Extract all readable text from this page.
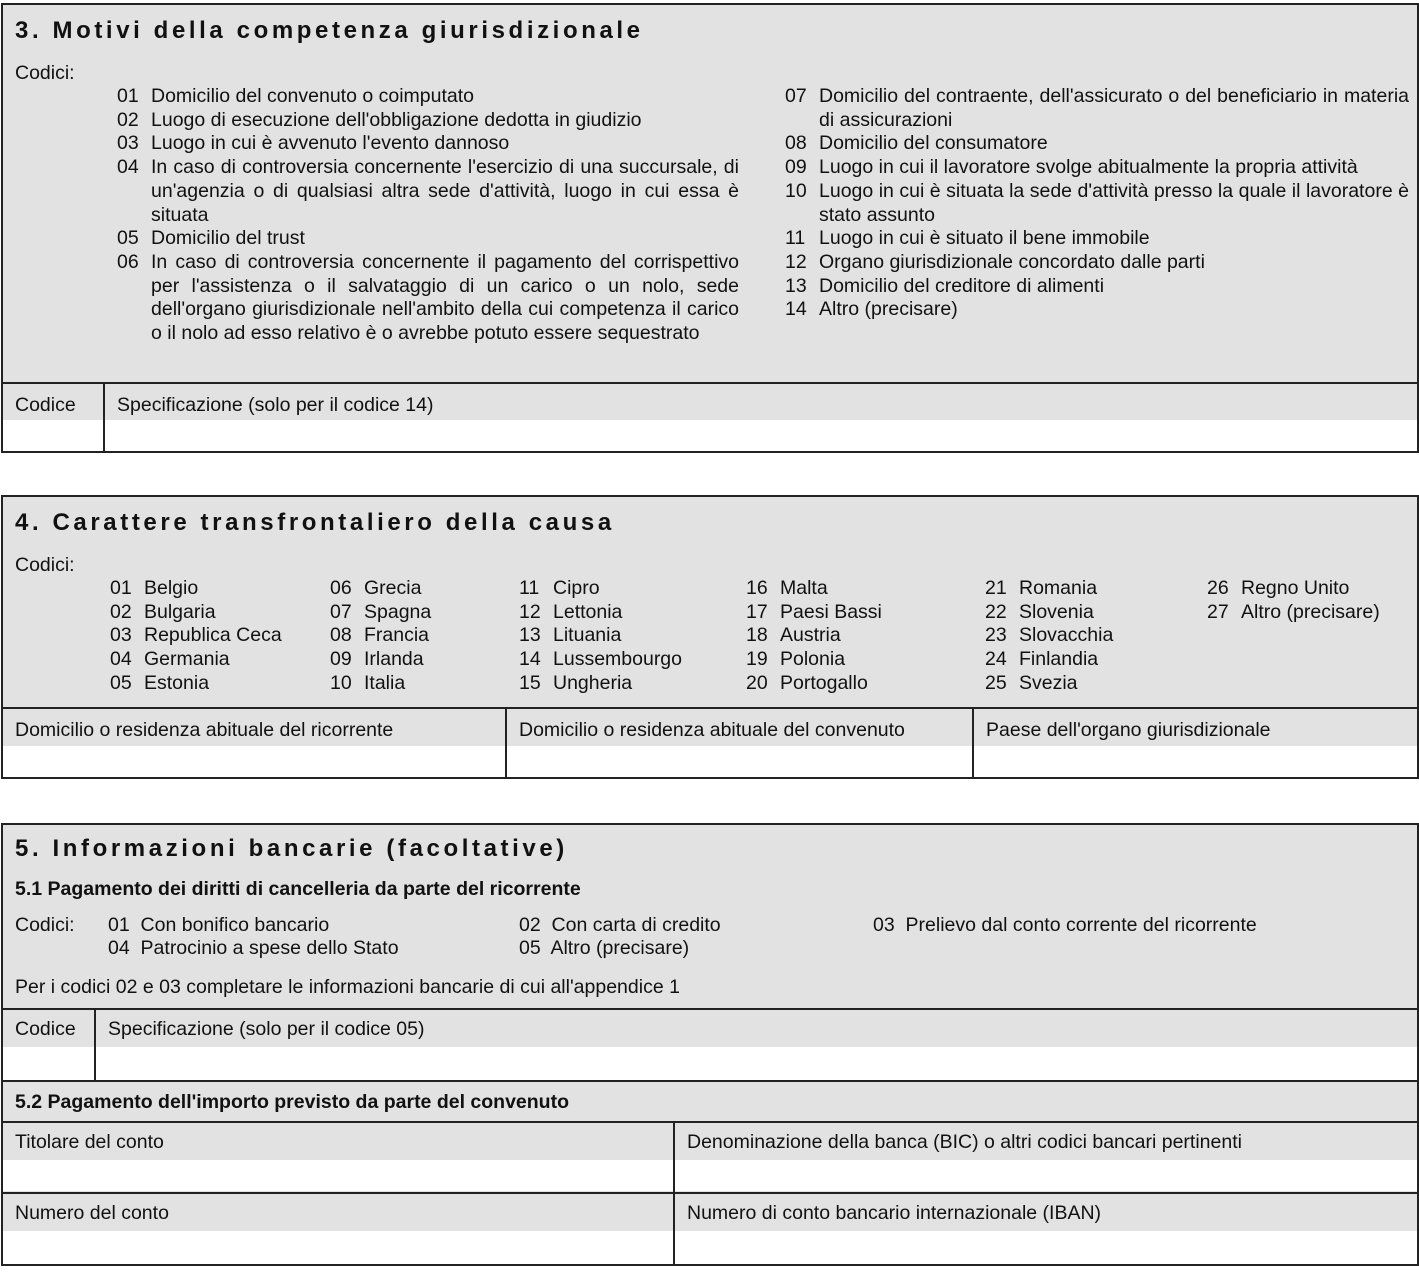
3. Motivi della competenza giurisdizionale
Codici:
01 Domicilio del convenuto o coimputato
02 Luogo di esecuzione dell'obbligazione dedotta in giudizio
03 Luogo in cui è avvenuto l'evento dannoso
04 In caso di controversia concernente l'esercizio di una succursale, di un'agenzia o di qualsiasi altra sede d'attività, luogo in cui essa è situata
05 Domicilio del trust
06 In caso di controversia concernente il pagamento del corrispettivo per l'assistenza o il salvataggio di un carico o un nolo, sede dell'organo giurisdizionale nell'ambito della cui competenza il carico o il nolo ad esso relativo è o avrebbe potuto essere sequestrato
07 Domicilio del contraente, dell'assicurato o del beneficiario in materia di assicurazioni
08 Domicilio del consumatore
09 Luogo in cui il lavoratore svolge abitualmente la propria attività
10 Luogo in cui è situata la sede d'attività presso la quale il lavoratore è stato assunto
11 Luogo in cui è situato il bene immobile
12 Organo giurisdizionale concordato dalle parti
13 Domicilio del creditore di alimenti
14 Altro (precisare)
Codice Specificazione (solo per il codice 14)
4. Carattere transfrontaliero della causa
Codici:
01 Belgio
02 Bulgaria
03 Republica Ceca
04 Germania
05 Estonia
06 Grecia
07 Spagna
08 Francia
09 Irlanda
10 Italia
11 Cipro
12 Lettonia
13 Lituania
14 Lussembourgo
15 Ungheria
16 Malta
17 Paesi Bassi
18 Austria
19 Polonia
20 Portogallo
21 Romania
22 Slovenia
23 Slovacchia
24 Finlandia
25 Svezia
26 Regno Unito
27 Altro (precisare)
Domicilio o residenza abituale del ricorrente	Domicilio o residenza abituale del convenuto	Paese dell'organo giurisdizionale
5. Informazioni bancarie (facoltative)
5.1 Pagamento dei diritti di cancelleria da parte del ricorrente
Codici: 01 Con bonifico bancario	02 Con carta di credito	03 Prelievo dal conto corrente del ricorrente
04 Patrocinio a spese dello Stato	05 Altro (precisare)
Per i codici 02 e 03 completare le informazioni bancarie di cui all'appendice 1
Codice Specificazione (solo per il codice 05)
5.2 Pagamento dell'importo previsto da parte del convenuto
Titolare del conto	Denominazione della banca (BIC) o altri codici bancari pertinenti
Numero del conto	Numero di conto bancario internazionale (IBAN)
